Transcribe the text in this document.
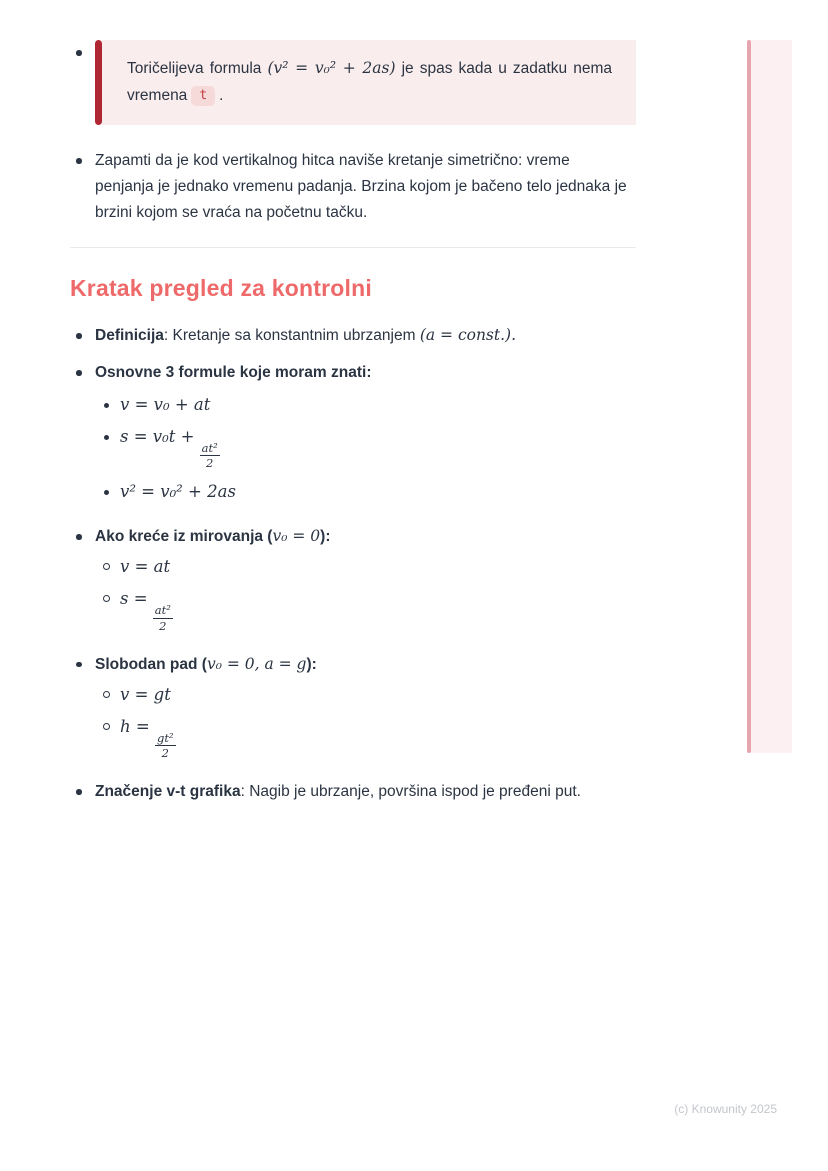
Toričelijeva formula (v² = v₀² + 2as) je spas kada u zadatku nema vremena t .
Zapamti da je kod vertikalnog hitca naviše kretanje simetrično: vreme penjanja je jednako vremenu padanja. Brzina kojom je bačeno telo jednaka je brzini kojom se vraća na početnu tačku.
Kratak pregled za kontrolni
Definicija: Kretanje sa konstantnim ubrzanjem (a = const.).
Osnovne 3 formule koje moram znati:
v = v₀ + at
s = v₀t +
$\frac{\text{at²}}{2}$
v² = v₀² + 2as
Ako kreće iz mirovanja (v₀ = 0):
v = at
s =
$\frac{\text{at²}}{2}$
Slobodan pad (v₀ = 0, a = g):
v = gt
h =
$\frac{\text{gt²}}{2}$
Značenje v-t grafika: Nagib je ubrzanje, površina ispod je pređeni put.
(c) Knowunity 2025
